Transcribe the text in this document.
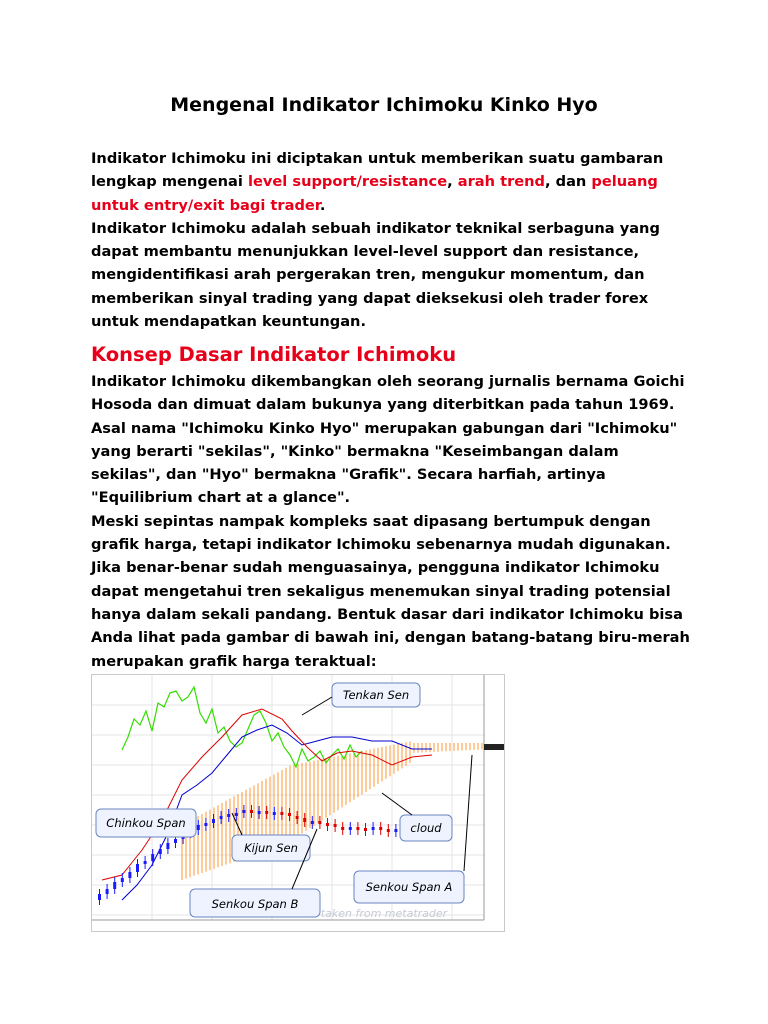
Mengenal Indikator Ichimoku Kinko Hyo

Indikator Ichimoku ini diciptakan untuk memberikan suatu gambaran lengkap mengenai level support/resistance, arah trend, dan peluang untuk entry/exit bagi trader.
Indikator Ichimoku adalah sebuah indikator teknikal serbaguna yang dapat membantu menunjukkan level-level support dan resistance, mengidentifikasi arah pergerakan tren, mengukur momentum, dan memberikan sinyal trading yang dapat dieksekusi oleh trader forex untuk mendapatkan keuntungan.

Konsep Dasar Indikator Ichimoku

Indikator Ichimoku dikembangkan oleh seorang jurnalis bernama Goichi Hosoda dan dimuat dalam bukunya yang diterbitkan pada tahun 1969. Asal nama "Ichimoku Kinko Hyo" merupakan gabungan dari "Ichimoku" yang berarti "sekilas", "Kinko" bermakna "Keseimbangan dalam sekilas", dan "Hyo" bermakna "Grafik". Secara harfiah, artinya "Equilibrium chart at a glance".
Meski sepintas nampak kompleks saat dipasang bertumpuk dengan grafik harga, tetapi indikator Ichimoku sebenarnya mudah digunakan. Jika benar-benar sudah menguasainya, pengguna indikator Ichimoku dapat mengetahui tren sekaligus menemukan sinyal trading potensial hanya dalam sekali pandang. Bentuk dasar dari indikator Ichimoku bisa Anda lihat pada gambar di bawah ini, dengan batang-batang biru-merah merupakan grafik harga teraktual:

Tenkan Sen
Chinkou Span
Kijun Sen
cloud
Senkou Span A
Senkou Span B
taken from metatrader
